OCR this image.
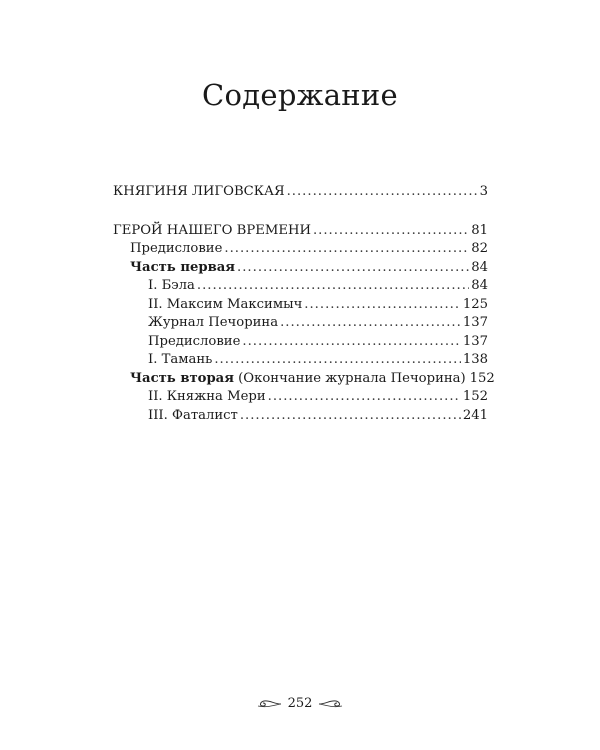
Содержание
КНЯГИНЯ ЛИГОВСКАЯ .....	3
ГЕРОЙ НАШЕГО ВРЕМЕНИ .....	81
Предисловие .....	82
Часть первая .....	84
I. Бэла .....	84
II. Максим Максимыч .....	125
Журнал Печорина .....	137
Предисловие .....	137
I. Тамань .....	138
Часть вторая (Окончание журнала Печорина) 152
II. Княжна Мери .....	152
III. Фаталист .....	241
252
